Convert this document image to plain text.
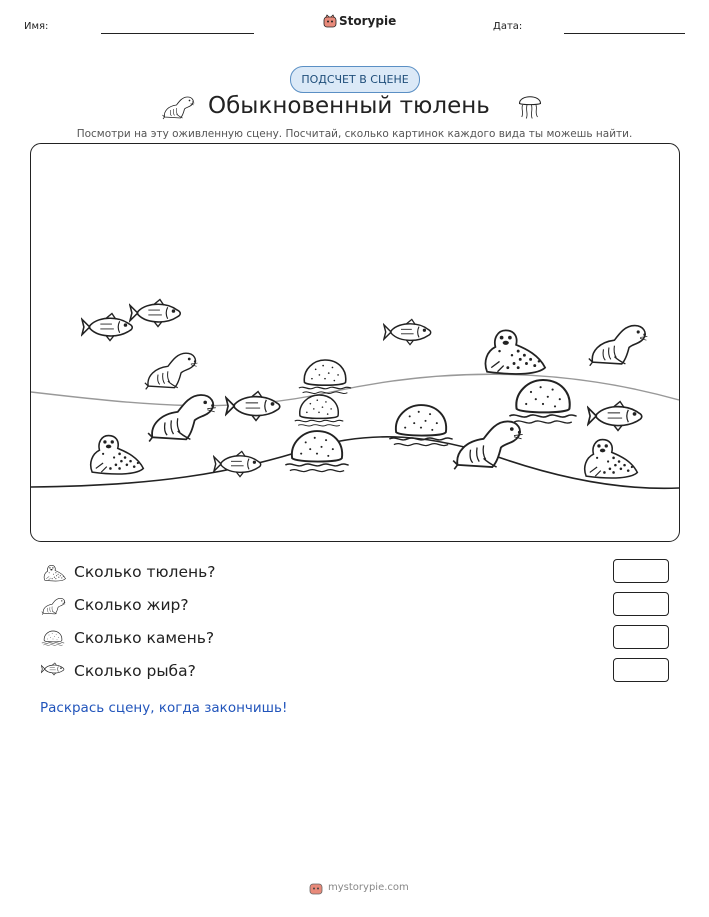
Имя:	Storypie	Дата:
ПОДСЧЕТ В СЦЕНЕ
Обыкновенный тюлень
Посмотри на эту оживленную сцену. Посчитай, сколько картинок каждого вида ты можешь найти.
Сколько тюлень?
Сколько жир?
Сколько камень?
Сколько рыба?
Раскрась сцену, когда закончишь!
mystorypie.com
